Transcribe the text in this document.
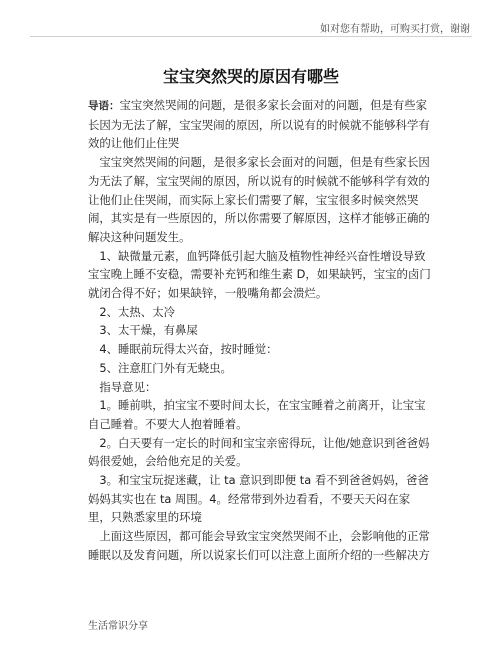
如对您有帮助，可购买打赏，谢谢
宝宝突然哭的原因有哪些

导语：宝宝突然哭闹的问题，是很多家长会面对的问题，但是有些家长因为无法了解，宝宝哭闹的原因，所以说有的时候就不能够科学有效的让他们止住哭

　宝宝突然哭闹的问题，是很多家长会面对的问题，但是有些家长因为无法了解，宝宝哭闹的原因，所以说有的时候就不能够科学有效的让他们止住哭闹，而实际上家长们需要了解，宝宝很多时候突然哭闹，其实是有一些原因的，所以你需要了解原因，这样才能够正确的解决这种问题发生。

　1、缺微量元素，血钙降低引起大脑及植物性神经兴奋性增设导致宝宝晚上睡不安稳，需要补充钙和维生素 D，如果缺钙，宝宝的卤门就闭合得不好；如果缺锌，一般嘴角都会溃烂。

　2、太热、太冷

　3、太干燥，有鼻屎

　4、睡眠前玩得太兴奋，按时睡觉：

　5、注意肛门外有无蛲虫。

　指导意见：

　1。睡前哄，拍宝宝不要时间太长，在宝宝睡着之前离开，让宝宝自己睡着。不要大人抱着睡着。

　2。白天要有一定长的时间和宝宝亲密得玩，让他/她意识到爸爸妈妈很爱她，会给他充足的关爱。

　3。和宝宝玩捉迷藏，让 ta 意识到即便 ta 看不到爸爸妈妈，爸爸妈妈其实也在 ta 周围。4。经常带到外边看看，不要天天闷在家里，只熟悉家里的环境

　上面这些原因，都可能会导致宝宝突然哭闹不止，会影响他的正常睡眠以及发育问题，所以说家长们可以注意上面所介绍的一些解决方

生活常识分享
